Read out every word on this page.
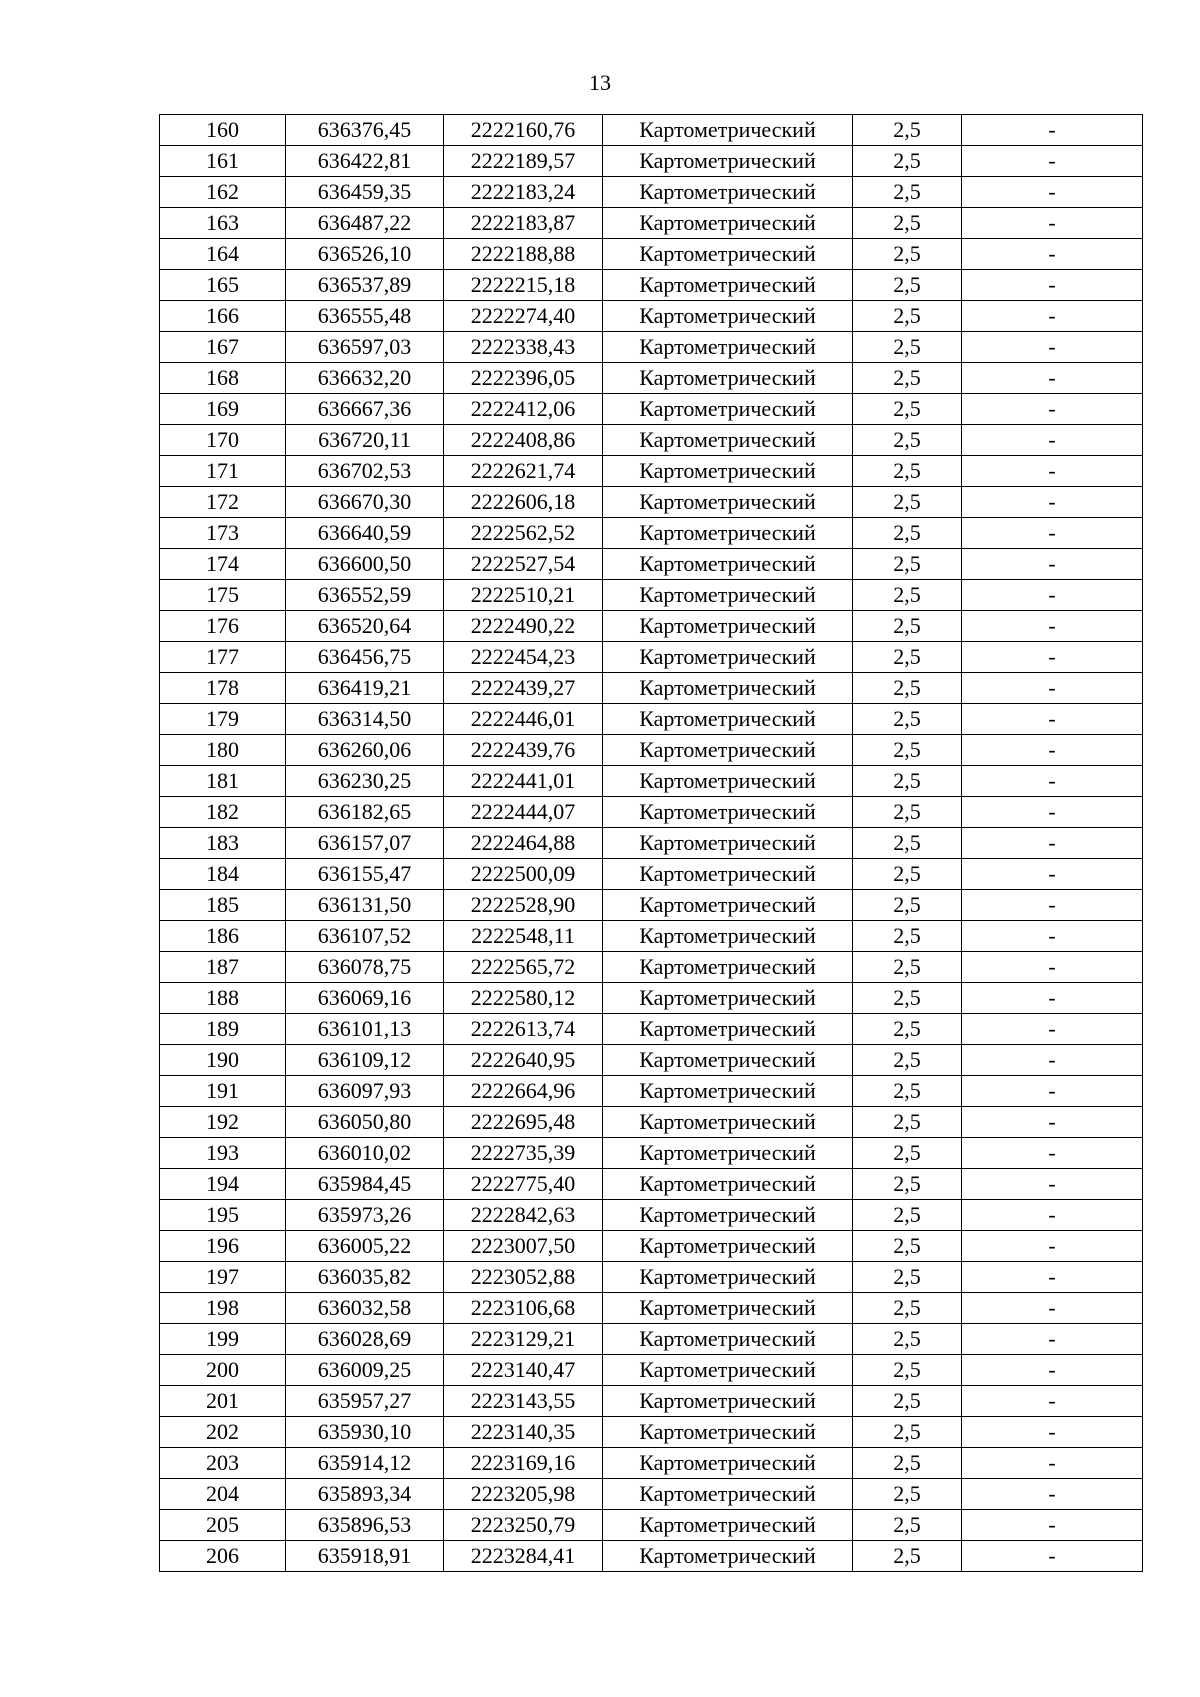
13
160	636376,45	2222160,76	Картометрический	2,5	-
161	636422,81	2222189,57	Картометрический	2,5	-
162	636459,35	2222183,24	Картометрический	2,5	-
163	636487,22	2222183,87	Картометрический	2,5	-
164	636526,10	2222188,88	Картометрический	2,5	-
165	636537,89	2222215,18	Картометрический	2,5	-
166	636555,48	2222274,40	Картометрический	2,5	-
167	636597,03	2222338,43	Картометрический	2,5	-
168	636632,20	2222396,05	Картометрический	2,5	-
169	636667,36	2222412,06	Картометрический	2,5	-
170	636720,11	2222408,86	Картометрический	2,5	-
171	636702,53	2222621,74	Картометрический	2,5	-
172	636670,30	2222606,18	Картометрический	2,5	-
173	636640,59	2222562,52	Картометрический	2,5	-
174	636600,50	2222527,54	Картометрический	2,5	-
175	636552,59	2222510,21	Картометрический	2,5	-
176	636520,64	2222490,22	Картометрический	2,5	-
177	636456,75	2222454,23	Картометрический	2,5	-
178	636419,21	2222439,27	Картометрический	2,5	-
179	636314,50	2222446,01	Картометрический	2,5	-
180	636260,06	2222439,76	Картометрический	2,5	-
181	636230,25	2222441,01	Картометрический	2,5	-
182	636182,65	2222444,07	Картометрический	2,5	-
183	636157,07	2222464,88	Картометрический	2,5	-
184	636155,47	2222500,09	Картометрический	2,5	-
185	636131,50	2222528,90	Картометрический	2,5	-
186	636107,52	2222548,11	Картометрический	2,5	-
187	636078,75	2222565,72	Картометрический	2,5	-
188	636069,16	2222580,12	Картометрический	2,5	-
189	636101,13	2222613,74	Картометрический	2,5	-
190	636109,12	2222640,95	Картометрический	2,5	-
191	636097,93	2222664,96	Картометрический	2,5	-
192	636050,80	2222695,48	Картометрический	2,5	-
193	636010,02	2222735,39	Картометрический	2,5	-
194	635984,45	2222775,40	Картометрический	2,5	-
195	635973,26	2222842,63	Картометрический	2,5	-
196	636005,22	2223007,50	Картометрический	2,5	-
197	636035,82	2223052,88	Картометрический	2,5	-
198	636032,58	2223106,68	Картометрический	2,5	-
199	636028,69	2223129,21	Картометрический	2,5	-
200	636009,25	2223140,47	Картометрический	2,5	-
201	635957,27	2223143,55	Картометрический	2,5	-
202	635930,10	2223140,35	Картометрический	2,5	-
203	635914,12	2223169,16	Картометрический	2,5	-
204	635893,34	2223205,98	Картометрический	2,5	-
205	635896,53	2223250,79	Картометрический	2,5	-
206	635918,91	2223284,41	Картометрический	2,5	-
